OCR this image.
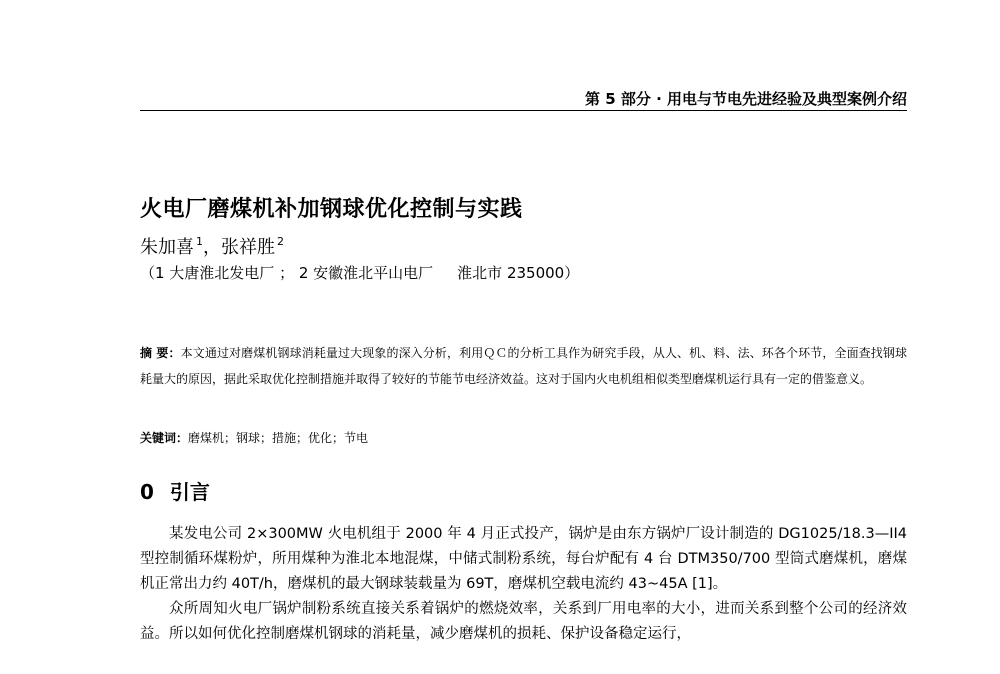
第 5 部分 · 用电与节电先进经验及典型案例介绍
火电厂磨煤机补加钢球优化控制与实践
朱加喜 $^1$，张祥胜 $^2$
（1 大唐淮北发电厂 ； 2 安徽淮北平山电厂 淮北市 235000）
摘 要：本文通过对磨煤机钢球消耗量过大现象的深入分析，利用ＱＣ的分析工具作为研究手段，从人、机、料、法、环各个环节，全面查找钢球耗量大的原因，据此采取优化控制措施并取得了较好的节能节电经济效益。这对于国内火电机组相似类型磨煤机运行具有一定的借鉴意义。
关键词：磨煤机；钢球；措施；优化；节电
0 引言

某发电公司 2×300MW 火电机组于 2000 年 4 月正式投产，锅炉是由东方锅炉厂设计制造的 DG1025/18.3—II4 型控制循环煤粉炉，所用煤种为淮北本地混煤，中储式制粉系统，每台炉配有 4 台 DTM350/700 型筒式磨煤机，磨煤机正常出力约 40T/h，磨煤机的最大钢球装载量为 69T，磨煤机空载电流约 43~45A [1]。

众所周知火电厂锅炉制粉系统直接关系着锅炉的燃烧效率，关系到厂用电率的大小，进而关系到整个公司的经济效益。所以如何优化控制磨煤机钢球的消耗量，减少磨煤机的损耗、保护设备稳定运行，
